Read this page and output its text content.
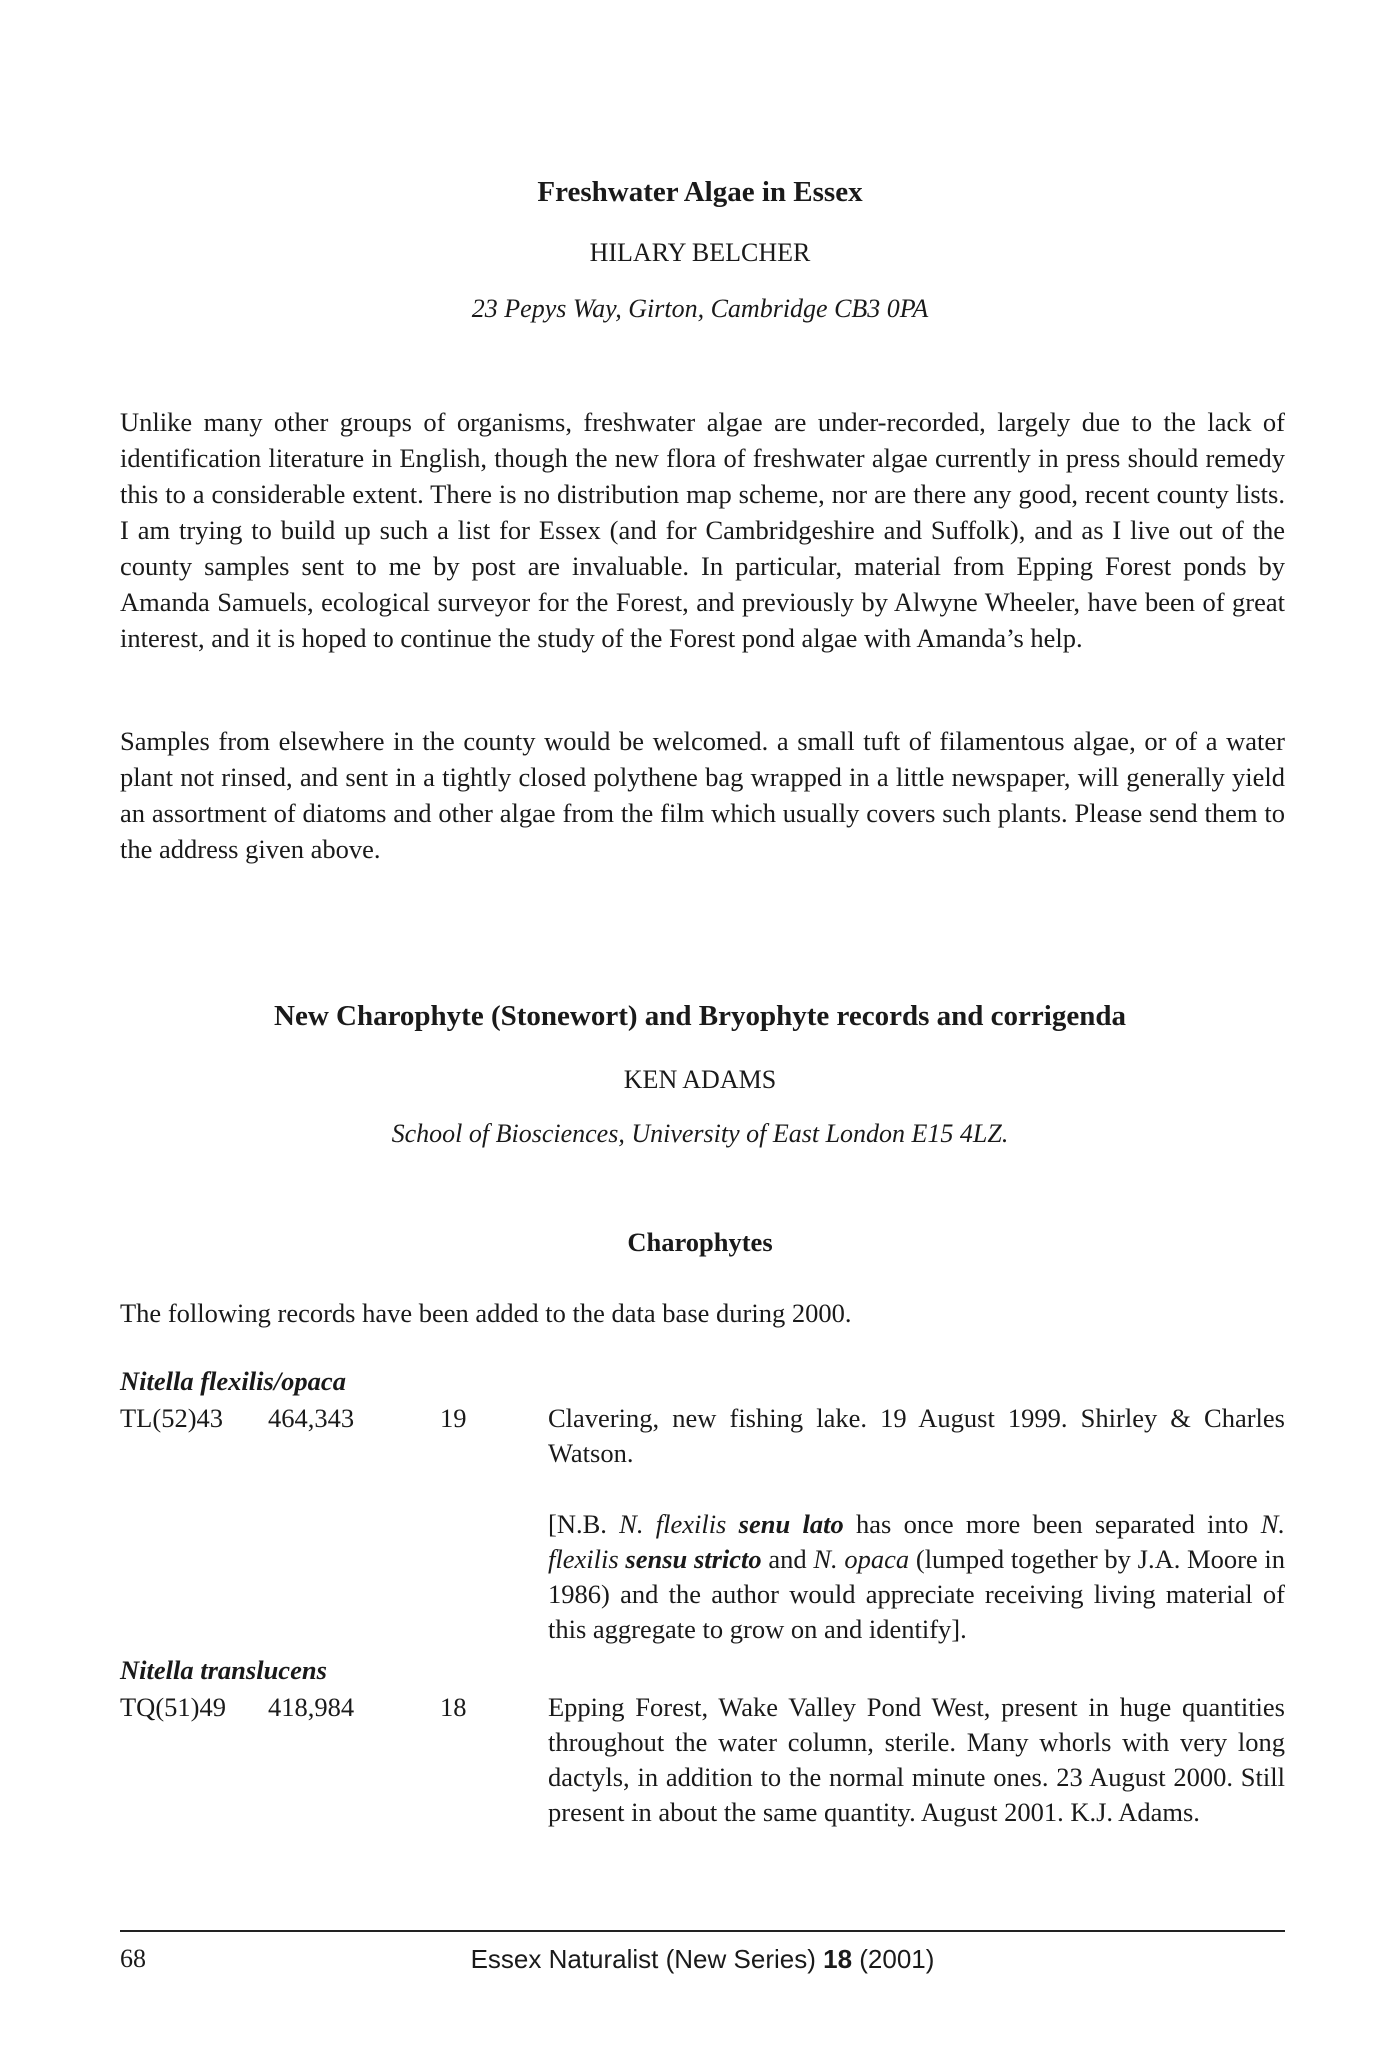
Freshwater Algae in Essex
HILARY BELCHER
23 Pepys Way, Girton, Cambridge CB3 0PA

Unlike many other groups of organisms, freshwater algae are under-recorded, largely due to the lack of identification literature in English, though the new flora of freshwater algae currently in press should remedy this to a considerable extent. There is no distribution map scheme, nor are there any good, recent county lists. I am trying to build up such a list for Essex (and for Cambridgeshire and Suffolk), and as I live out of the county samples sent to me by post are invaluable. In particular, material from Epping Forest ponds by Amanda Samuels, ecological surveyor for the Forest, and previously by Alwyne Wheeler, have been of great interest, and it is hoped to continue the study of the Forest pond algae with Amanda’s help.

Samples from elsewhere in the county would be welcomed. a small tuft of filamentous algae, or of a water plant not rinsed, and sent in a tightly closed polythene bag wrapped in a little newspaper, will generally yield an assortment of diatoms and other algae from the film which usually covers such plants. Please send them to the address given above.

New Charophyte (Stonewort) and Bryophyte records and corrigenda
KEN ADAMS
School of Biosciences, University of East London E15 4LZ.
Charophytes
The following records have been added to the data base during 2000.
Nitella flexilis/opaca
TL(52)43 464,343	19	Clavering, new fishing lake. 19 August 1999. Shirley & Charles Watson.

[N.B. N. flexilis senu lato has once more been separated into N. flexilis sensu stricto and N. opaca (lumped together by J.A. Moore in 1986) and the author would appreciate receiving living material of this aggregate to grow on and identify].

Nitella translucens
TQ(51)49 418,984	18	Epping Forest, Wake Valley Pond West, present in huge quantities throughout the water column, sterile. Many whorls with very long dactyls, in addition to the normal minute ones. 23 August 2000. Still present in about the same quantity. August 2001. K.J. Adams.

68	Essex Naturalist (New Series) 18 (2001)
